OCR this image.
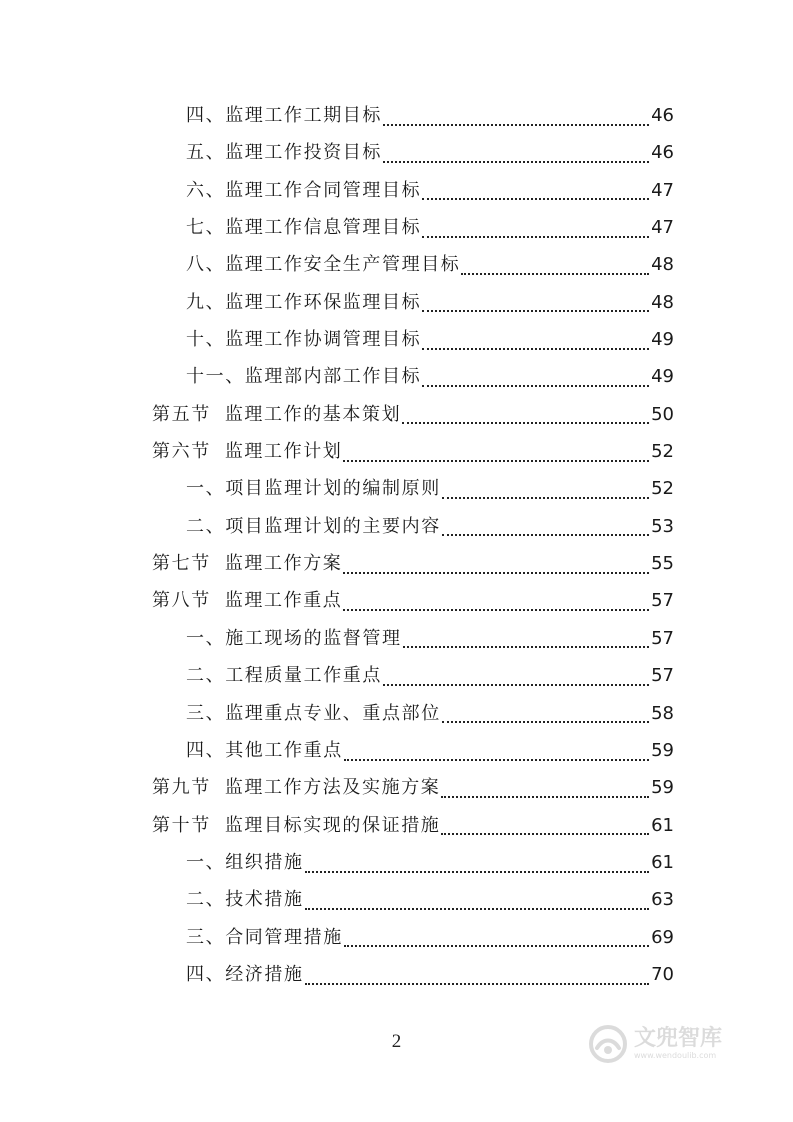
四、监理工作工期目标	46
五、监理工作投资目标	46
六、监理工作合同管理目标	47
七、监理工作信息管理目标	47
八、监理工作安全生产管理目标	48
九、监理工作环保监理目标	48
十、监理工作协调管理目标	49
十一、监理部内部工作目标	49
第五节 监理工作的基本策划	50
第六节 监理工作计划	52
一、项目监理计划的编制原则	52
二、项目监理计划的主要内容	53
第七节 监理工作方案	55
第八节 监理工作重点	57
一、施工现场的监督管理	57
二、工程质量工作重点	57
三、监理重点专业、重点部位	58
四、其他工作重点	59
第九节 监理工作方法及实施方案	59
第十节 监理目标实现的保证措施	61
一、组织措施	61
二、技术措施	63
三、合同管理措施	69
四、经济措施	70
2	文兜智库
www.wendoulib.com
